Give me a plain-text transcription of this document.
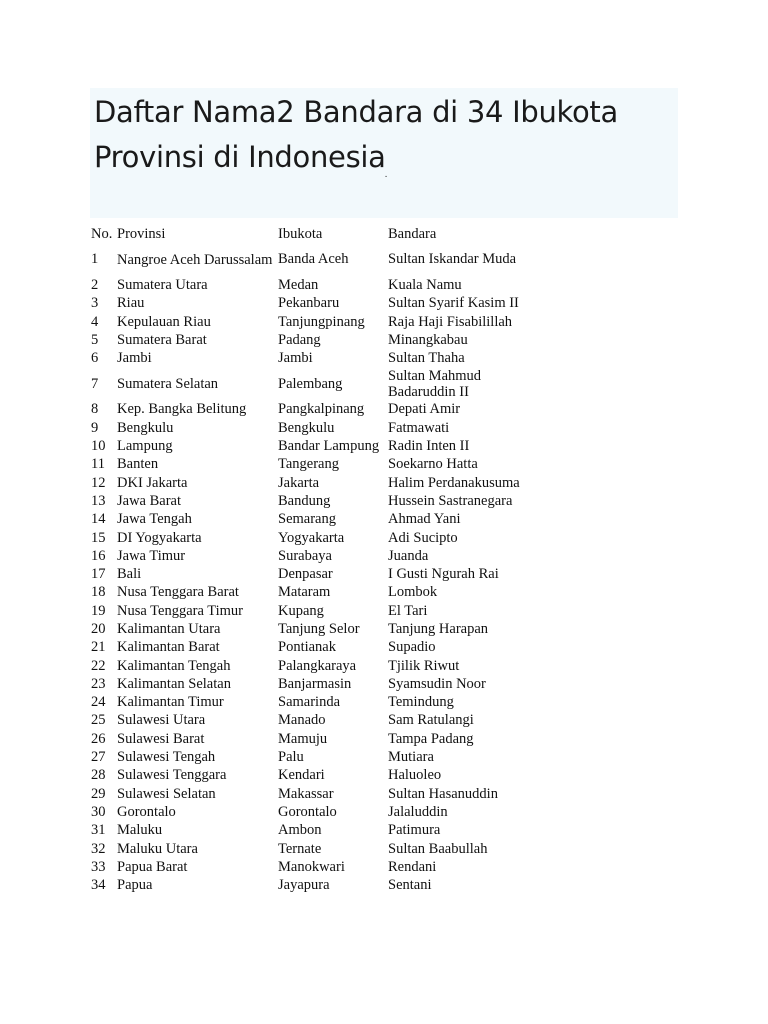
Daftar Nama2 Bandara di 34 Ibukota Provinsi di Indonesia$_.$
No.	Provinsi	Ibukota	Bandara
1	Nangroe Aceh Darussalam	Banda Aceh	Sultan Iskandar Muda
2	Sumatera Utara	Medan	Kuala Namu
3	Riau	Pekanbaru	Sultan Syarif Kasim II
4	Kepulauan Riau	Tanjungpinang	Raja Haji Fisabilillah
5	Sumatera Barat	Padang	Minangkabau
6	Jambi	Jambi	Sultan Thaha
7	Sumatera Selatan	Palembang	Sultan Mahmud Badaruddin II
8	Kep. Bangka Belitung	Pangkalpinang	Depati Amir
9	Bengkulu	Bengkulu	Fatmawati
10	Lampung	Bandar Lampung	Radin Inten II
11	Banten	Tangerang	Soekarno Hatta
12	DKI Jakarta	Jakarta	Halim Perdanakusuma
13	Jawa Barat	Bandung	Hussein Sastranegara
14	Jawa Tengah	Semarang	Ahmad Yani
15	DI Yogyakarta	Yogyakarta	Adi Sucipto
16	Jawa Timur	Surabaya	Juanda
17	Bali	Denpasar	I Gusti Ngurah Rai
18	Nusa Tenggara Barat	Mataram	Lombok
19	Nusa Tenggara Timur	Kupang	El Tari
20	Kalimantan Utara	Tanjung Selor	Tanjung Harapan
21	Kalimantan Barat	Pontianak	Supadio
22	Kalimantan Tengah	Palangkaraya	Tjilik Riwut
23	Kalimantan Selatan	Banjarmasin	Syamsudin Noor
24	Kalimantan Timur	Samarinda	Temindung
25	Sulawesi Utara	Manado	Sam Ratulangi
26	Sulawesi Barat	Mamuju	Tampa Padang
27	Sulawesi Tengah	Palu	Mutiara
28	Sulawesi Tenggara	Kendari	Haluoleo
29	Sulawesi Selatan	Makassar	Sultan Hasanuddin
30	Gorontalo	Gorontalo	Jalaluddin
31	Maluku	Ambon	Patimura
32	Maluku Utara	Ternate	Sultan Baabullah
33	Papua Barat	Manokwari	Rendani
34	Papua	Jayapura	Sentani
